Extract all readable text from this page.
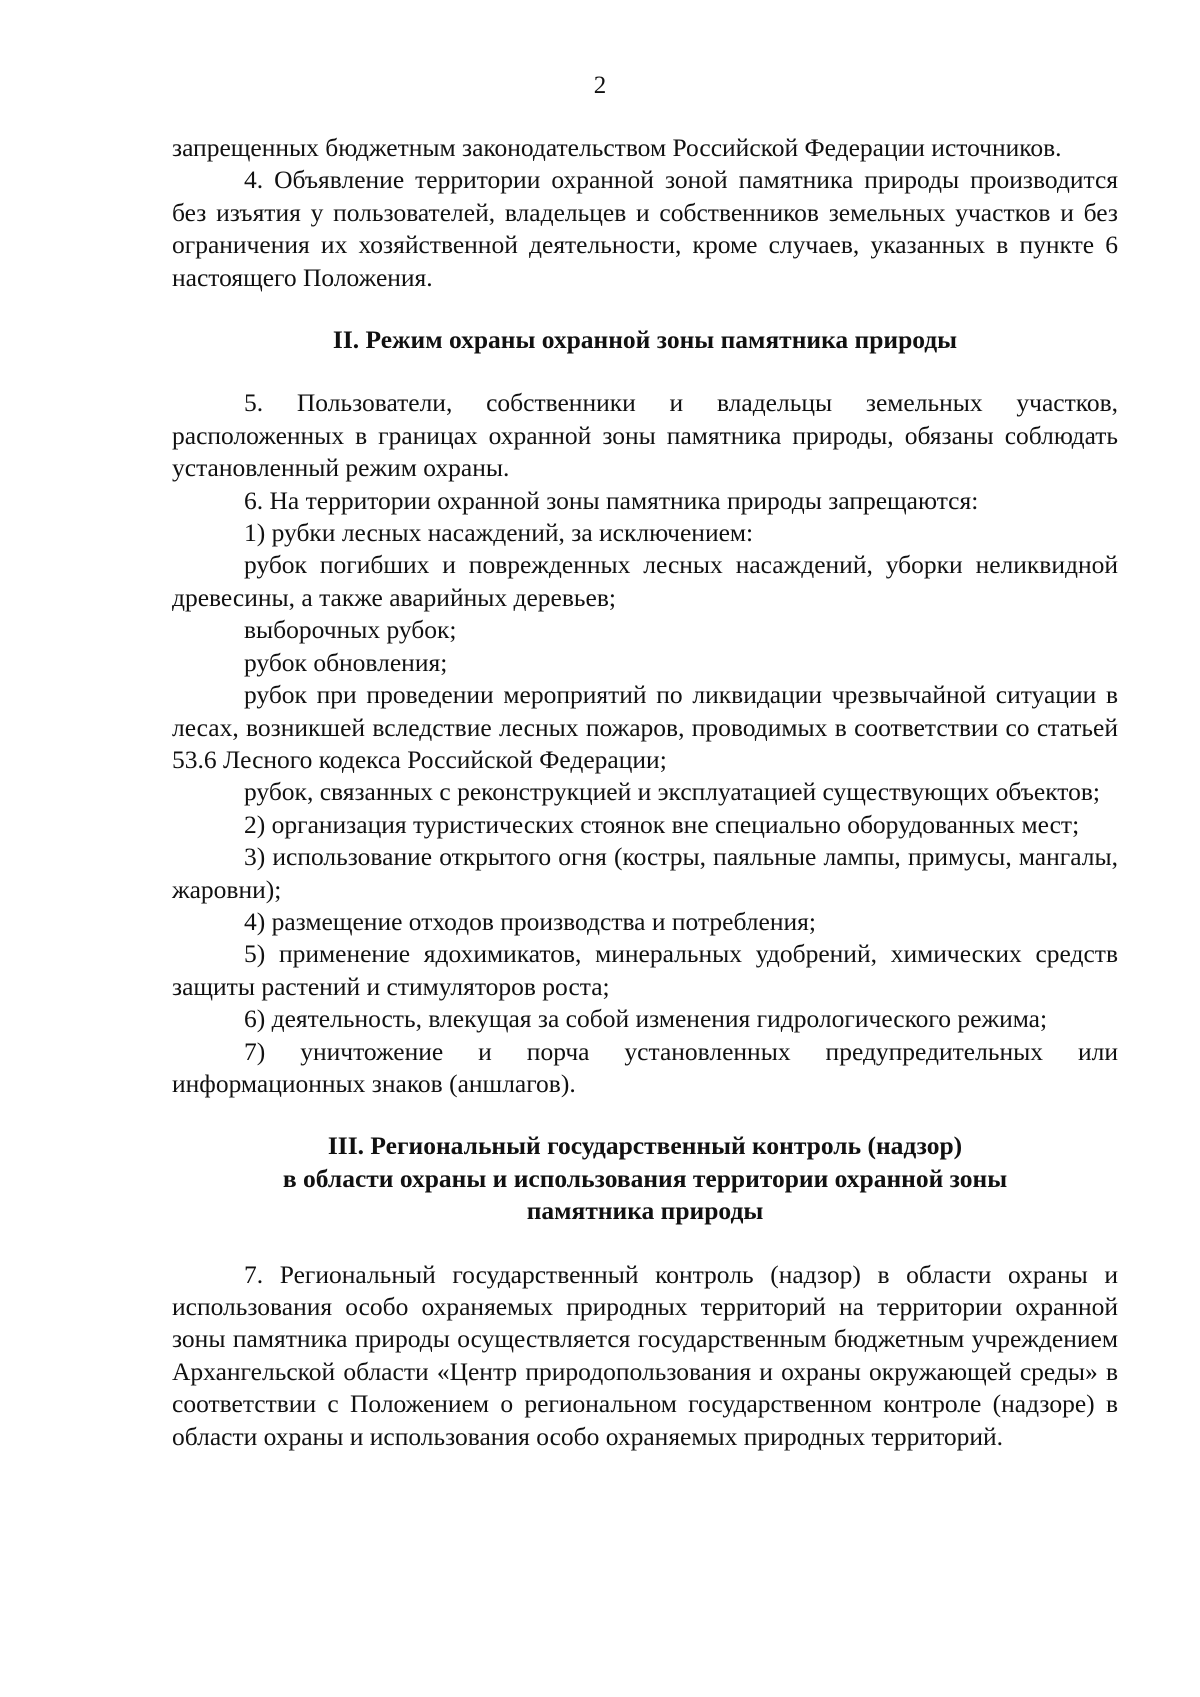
2

запрещенных бюджетным законодательством Российской Федерации источников.

4. Объявление территории охранной зоной памятника природы производится без изъятия у пользователей, владельцев и собственников земельных участков и без ограничения их хозяйственной деятельности, кроме случаев, указанных в пункте 6 настоящего Положения.

II. Режим охраны охранной зоны памятника природы

5. Пользователи, собственники и владельцы земельных участков, расположенных в границах охранной зоны памятника природы, обязаны соблюдать установленный режим охраны.

6. На территории охранной зоны памятника природы запрещаются:

1) рубки лесных насаждений, за исключением:

рубок погибших и поврежденных лесных насаждений, уборки неликвидной древесины, а также аварийных деревьев;

выборочных рубок;

рубок обновления;

рубок при проведении мероприятий по ликвидации чрезвычайной ситуации в лесах, возникшей вследствие лесных пожаров, проводимых в соответствии со статьей 53.6 Лесного кодекса Российской Федерации;

рубок, связанных с реконструкцией и эксплуатацией существующих объектов;

2) организация туристических стоянок вне специально оборудованных мест;

3) использование открытого огня (костры, паяльные лампы, примусы, мангалы, жаровни);

4) размещение отходов производства и потребления;

5) применение ядохимикатов, минеральных удобрений, химических средств защиты растений и стимуляторов роста;

6) деятельность, влекущая за собой изменения гидрологического режима;

7) уничтожение и порча установленных предупредительных или информационных знаков (аншлагов).

III. Региональный государственный контроль (надзор)
в области охраны и использования территории охранной зоны
памятника природы

7. Региональный государственный контроль (надзор) в области охраны и использования особо охраняемых природных территорий на территории охранной зоны памятника природы осуществляется государственным бюджетным учреждением Архангельской области «Центр природопользования и охраны окружающей среды» в соответствии с Положением о региональном государственном контроле (надзоре) в области охраны и использования особо охраняемых природных территорий.
